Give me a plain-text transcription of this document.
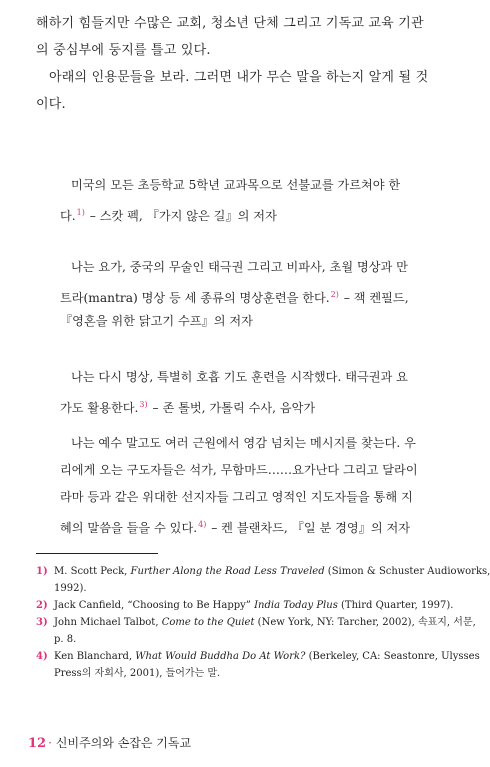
해하기 힘들지만 수많은 교회, 청소년 단체 그리고 기독교 교육 기관
의 중심부에 둥지를 틀고 있다.
아래의 인용문들을 보라. 그러면 내가 무슨 말을 하는지 알게 될 것
이다.
미국의 모든 초등학교 5학년 교과목으로 선불교를 가르쳐야 한
다.$^{1)}$ – 스캇 펙, 『가지 않은 길』의 저자
나는 요가, 중국의 무술인 태극권 그리고 비파사, 초월 명상과 만
트라(mantra) 명상 등 세 종류의 명상훈련을 한다.$^{2)}$ – 잭 켄필드,
『영혼을 위한 닭고기 수프』의 저자
나는 다시 명상, 특별히 호흡 기도 훈련을 시작했다. 태극권과 요
가도 활용한다.$^{3)}$ – 존 톨벗, 가톨릭 수사, 음악가
나는 예수 말고도 여러 근원에서 영감 넘치는 메시지를 찾는다. 우
리에게 오는 구도자들은 석가, 무함마드……요가난다 그리고 달라이
라마 등과 같은 위대한 선지자들 그리고 영적인 지도자들을 통해 지
혜의 말씀을 들을 수 있다.$^{4)}$ – 켄 블랜차드, 『일 분 경영』의 저자
1) M. Scott Peck, Further Along the Road Less Traveled (Simon & Schuster Audioworks,
1992).
2) Jack Canfield, “Choosing to Be Happy” India Today Plus (Third Quarter, 1997).
3) John Michael Talbot, Come to the Quiet (New York, NY: Tarcher, 2002), 속표지, 서문,
p. 8.
4) Ken Blanchard, What Would Buddha Do At Work? (Berkeley, CA: Seastonre, Ulysses
Press의 자회사, 2001), 들어가는 말.
12 · 신비주의와 손잡은 기독교
